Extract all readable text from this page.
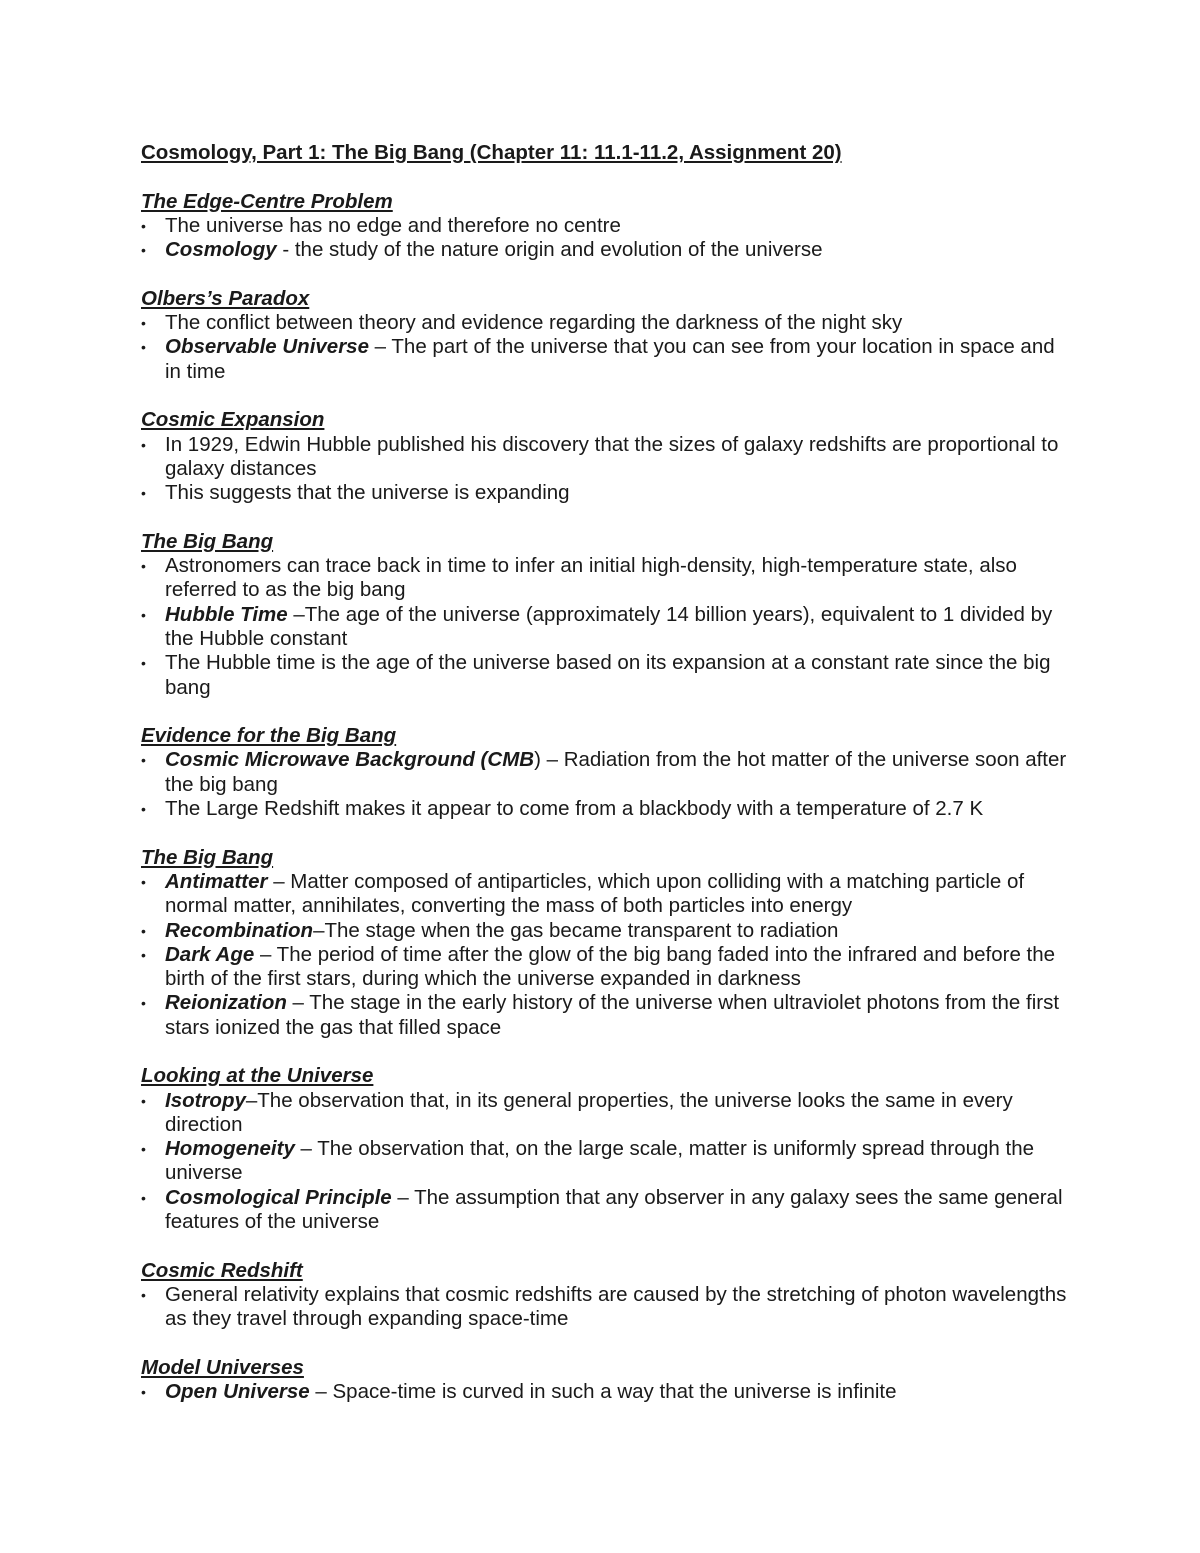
Cosmology, Part 1: The Big Bang (Chapter 11: 11.1-11.2, Assignment 20)
The Edge-Centre Problem
• The universe has no edge and therefore no centre
• Cosmology - the study of the nature origin and evolution of the universe
Olbers’s Paradox
• The conflict between theory and evidence regarding the darkness of the night sky
• Observable Universe – The part of the universe that you can see from your location in space and in time
Cosmic Expansion
• In 1929, Edwin Hubble published his discovery that the sizes of galaxy redshifts are proportional to galaxy distances
• This suggests that the universe is expanding
The Big Bang
• Astronomers can trace back in time to infer an initial high-density, high-temperature state, also referred to as the big bang
• Hubble Time –The age of the universe (approximately 14 billion years), equivalent to 1 divided by the Hubble constant
• The Hubble time is the age of the universe based on its expansion at a constant rate since the big bang
Evidence for the Big Bang
• Cosmic Microwave Background (CMB) – Radiation from the hot matter of the universe soon after the big bang
• The Large Redshift makes it appear to come from a blackbody with a temperature of 2.7 K
The Big Bang
• Antimatter – Matter composed of antiparticles, which upon colliding with a matching particle of normal matter, annihilates, converting the mass of both particles into energy
• Recombination–The stage when the gas became transparent to radiation
• Dark Age – The period of time after the glow of the big bang faded into the infrared and before the birth of the first stars, during which the universe expanded in darkness
• Reionization – The stage in the early history of the universe when ultraviolet photons from the first stars ionized the gas that filled space
Looking at the Universe
• Isotropy–The observation that, in its general properties, the universe looks the same in every direction
• Homogeneity – The observation that, on the large scale, matter is uniformly spread through the universe
• Cosmological Principle – The assumption that any observer in any galaxy sees the same general features of the universe
Cosmic Redshift
• General relativity explains that cosmic redshifts are caused by the stretching of photon wavelengths as they travel through expanding space-time
Model Universes
• Open Universe – Space-time is curved in such a way that the universe is infinite
